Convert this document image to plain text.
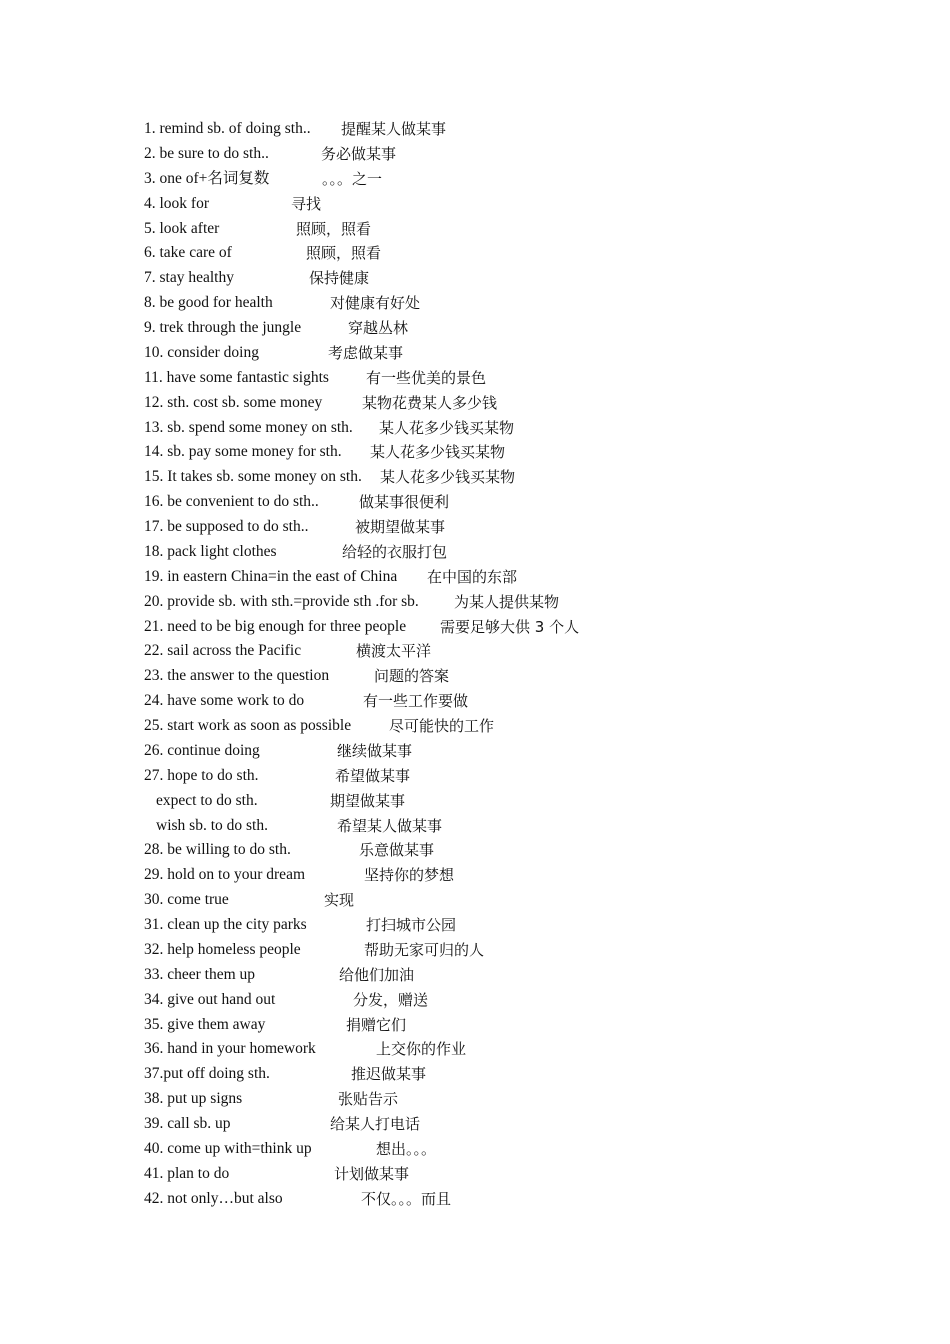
1. remind sb. of doing sth.. 提醒某人做某事
2. be sure to do sth..	务必做某事
3. one of+名词复数	。。。之一
4. look for	寻找
5. look after	照顾，照看
6. take care of	照顾，照看
7. stay healthy	保持健康
8. be good for health	对健康有好处
9. trek through the jungle	穿越丛林
10. consider doing	考虑做某事
11. have some fantastic sights 有一些优美的景色
12. sth. cost sb. some money	某物花费某人多少钱
13. sb. spend some money on sth. 某人花多少钱买某物
14. sb. pay some money for sth. 某人花多少钱买某物
15. It takes sb. some money on sth. 某人花多少钱买某物
16. be convenient to do sth..	做某事很便利
17. be supposed to do sth..	被期望做某事
18. pack light clothes	给轻的衣服打包
19. in eastern China=in the east of China 在中国的东部
20. provide sb. with sth.=provide sth .for sb. 为某人提供某物
21. need to be big enough for three people 需要足够大供 3 个人
22. sail across the Pacific	横渡太平洋
23. the answer to the question	问题的答案
24. have some work to do	有一些工作要做
25. start work as soon as possible	尽可能快的工作
26. continue doing	继续做某事
27. hope to do sth.	希望做某事
expect to do sth.	期望做某事
wish sb. to do sth.	希望某人做某事
28. be willing to do sth.	乐意做某事
29. hold on to your dream	坚持你的梦想
30. come true	实现
31. clean up the city parks	打扫城市公园
32. help homeless people	帮助无家可归的人
33. cheer them up	给他们加油
34. give out hand out	分发，赠送
35. give them away	捐赠它们
36. hand in your homework	上交你的作业
37.put off doing sth.	推迟做某事
38. put up signs	张贴告示
39. call sb. up	给某人打电话
40. come up with=think up	想出。。。
41. plan to do	计划做某事
42. not only…but also	不仅。。。而且
